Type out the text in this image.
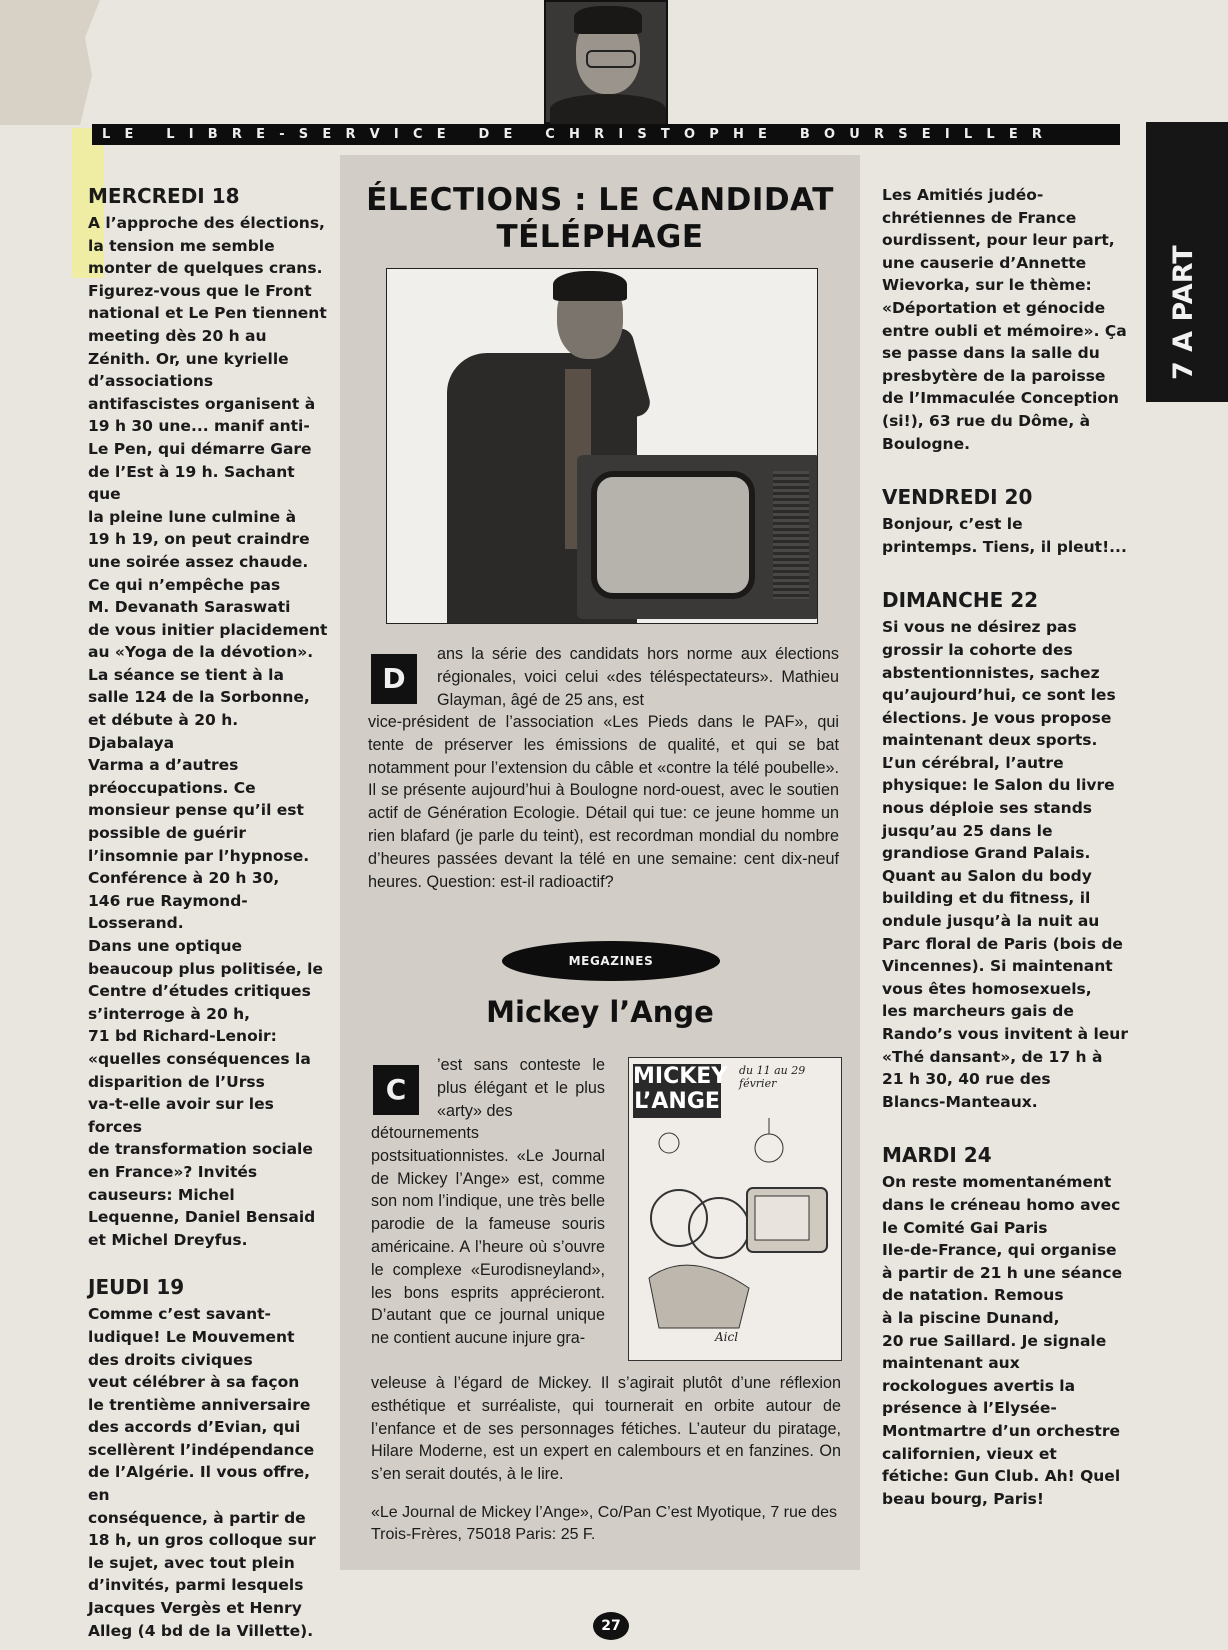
LE LIBRE-SERVICE DE CHRISTOPHE BOURSEILLER
7 A PART
MERCREDI 18

A l’approche des élections,
la tension me semble
monter de quelques crans.
Figurez-vous que le Front
national et Le Pen tiennent
meeting dès 20 h au
Zénith. Or, une kyrielle
d’associations
antifascistes organisent à
19 h 30 une... manif anti-
Le Pen, qui démarre Gare
de l’Est à 19 h. Sachant que
la pleine lune culmine à
19 h 19, on peut craindre
une soirée assez chaude.
Ce qui n’empêche pas
M. Devanath Saraswati
de vous initier placidement
au «Yoga de la dévotion».
La séance se tient à la
salle 124 de la Sorbonne,
et débute à 20 h. Djabalaya
Varma a d’autres
préoccupations. Ce
monsieur pense qu’il est
possible de guérir
l’insomnie par l’hypnose.
Conférence à 20 h 30,
146 rue Raymond-
Losserand.
Dans une optique
beaucoup plus politisée, le
Centre d’études critiques
s’interroge à 20 h,
71 bd Richard-Lenoir:
«quelles conséquences la
disparition de l’Urss
va-t-elle avoir sur les forces
de transformation sociale
en France»? Invités
causeurs: Michel
Lequenne, Daniel Bensaid
et Michel Dreyfus.

JEUDI 19

Comme c’est savant-
ludique! Le Mouvement
des droits civiques
veut célébrer à sa façon
le trentième anniversaire
des accords d’Evian, qui
scellèrent l’indépendance
de l’Algérie. Il vous offre, en
conséquence, à partir de
18 h, un gros colloque sur
le sujet, avec tout plein
d’invités, parmi lesquels
Jacques Vergès et Henry
Alleg (4 bd de la Villette).

ÉLECTIONS : LE CANDIDAT TÉLÉPHAGE
D
ans la série des candidats hors norme aux élections régionales, voici celui «des téléspectateurs». Mathieu Glayman, âgé de 25 ans, est
vice-président de l’association «Les Pieds dans le PAF», qui tente de préserver les émissions de qualité, et qui se bat notamment pour l’extension du câble et «contre la télé poubelle». Il se présente aujourd’hui à Boulogne nord-ouest, avec le soutien actif de Génération Ecologie. Détail qui tue: ce jeune homme un rien blafard (je parle du teint), est recordman mondial du nombre d’heures passées devant la télé en une semaine: cent dix-neuf heures. Question: est-il radioactif?
MEGAZINES
Mickey l’Ange
C
’est sans conteste le plus élégant et le plus «arty» des
détournements postsituationnistes. «Le Journal de Mickey l’Ange» est, comme son nom l’indique, une très belle parodie de la fameuse souris américaine. A l’heure où s’ouvre le complexe «Eurodisneyland», les bons esprits apprécieront. D’autant que ce journal unique ne contient aucune injure gra-
veleuse à l’égard de Mickey. Il s’agirait plutôt d’une réflexion esthétique et surréaliste, qui tournerait en orbite autour de l’enfance et de ses personnages fétiches. L’auteur du piratage, Hilare Moderne, est un expert en calembours et en fanzines. On s’en serait doutés, à le lire.
MICKEY L’ANGE
du 11 au 29 février
Aicl
«Le Journal de Mickey l’Ange», Co/Pan C’est Myotique, 7 rue des Trois-Frères, 75018 Paris: 25 F.

Les Amitiés judéo-
chrétiennes de France
ourdissent, pour leur part,
une causerie d’Annette
Wievorka, sur le thème:
«Déportation et génocide
entre oubli et mémoire». Ça
se passe dans la salle du
presbytère de la paroisse
de l’Immaculée Conception
(si!), 63 rue du Dôme, à
Boulogne.

VENDREDI 20

Bonjour, c’est le
printemps. Tiens, il pleut!...

DIMANCHE 22

Si vous ne désirez pas
grossir la cohorte des
abstentionnistes, sachez
qu’aujourd’hui, ce sont les
élections. Je vous propose
maintenant deux sports.
L’un cérébral, l’autre
physique: le Salon du livre
nous déploie ses stands
jusqu’au 25 dans le
grandiose Grand Palais.
Quant au Salon du body
building et du fitness, il
ondule jusqu’à la nuit au
Parc floral de Paris (bois de
Vincennes). Si maintenant
vous êtes homosexuels,
les marcheurs gais de
Rando’s vous invitent à leur
«Thé dansant», de 17 h à
21 h 30, 40 rue des
Blancs-Manteaux.

MARDI 24

On reste momentanément
dans le créneau homo avec
le Comité Gai Paris
Ile-de-France, qui organise
à partir de 21 h une séance
de natation. Remous
à la piscine Dunand,
20 rue Saillard. Je signale
maintenant aux
rockologues avertis la
présence à l’Elysée-
Montmartre d’un orchestre
californien, vieux et
fétiche: Gun Club. Ah! Quel
beau bourg, Paris!

27
